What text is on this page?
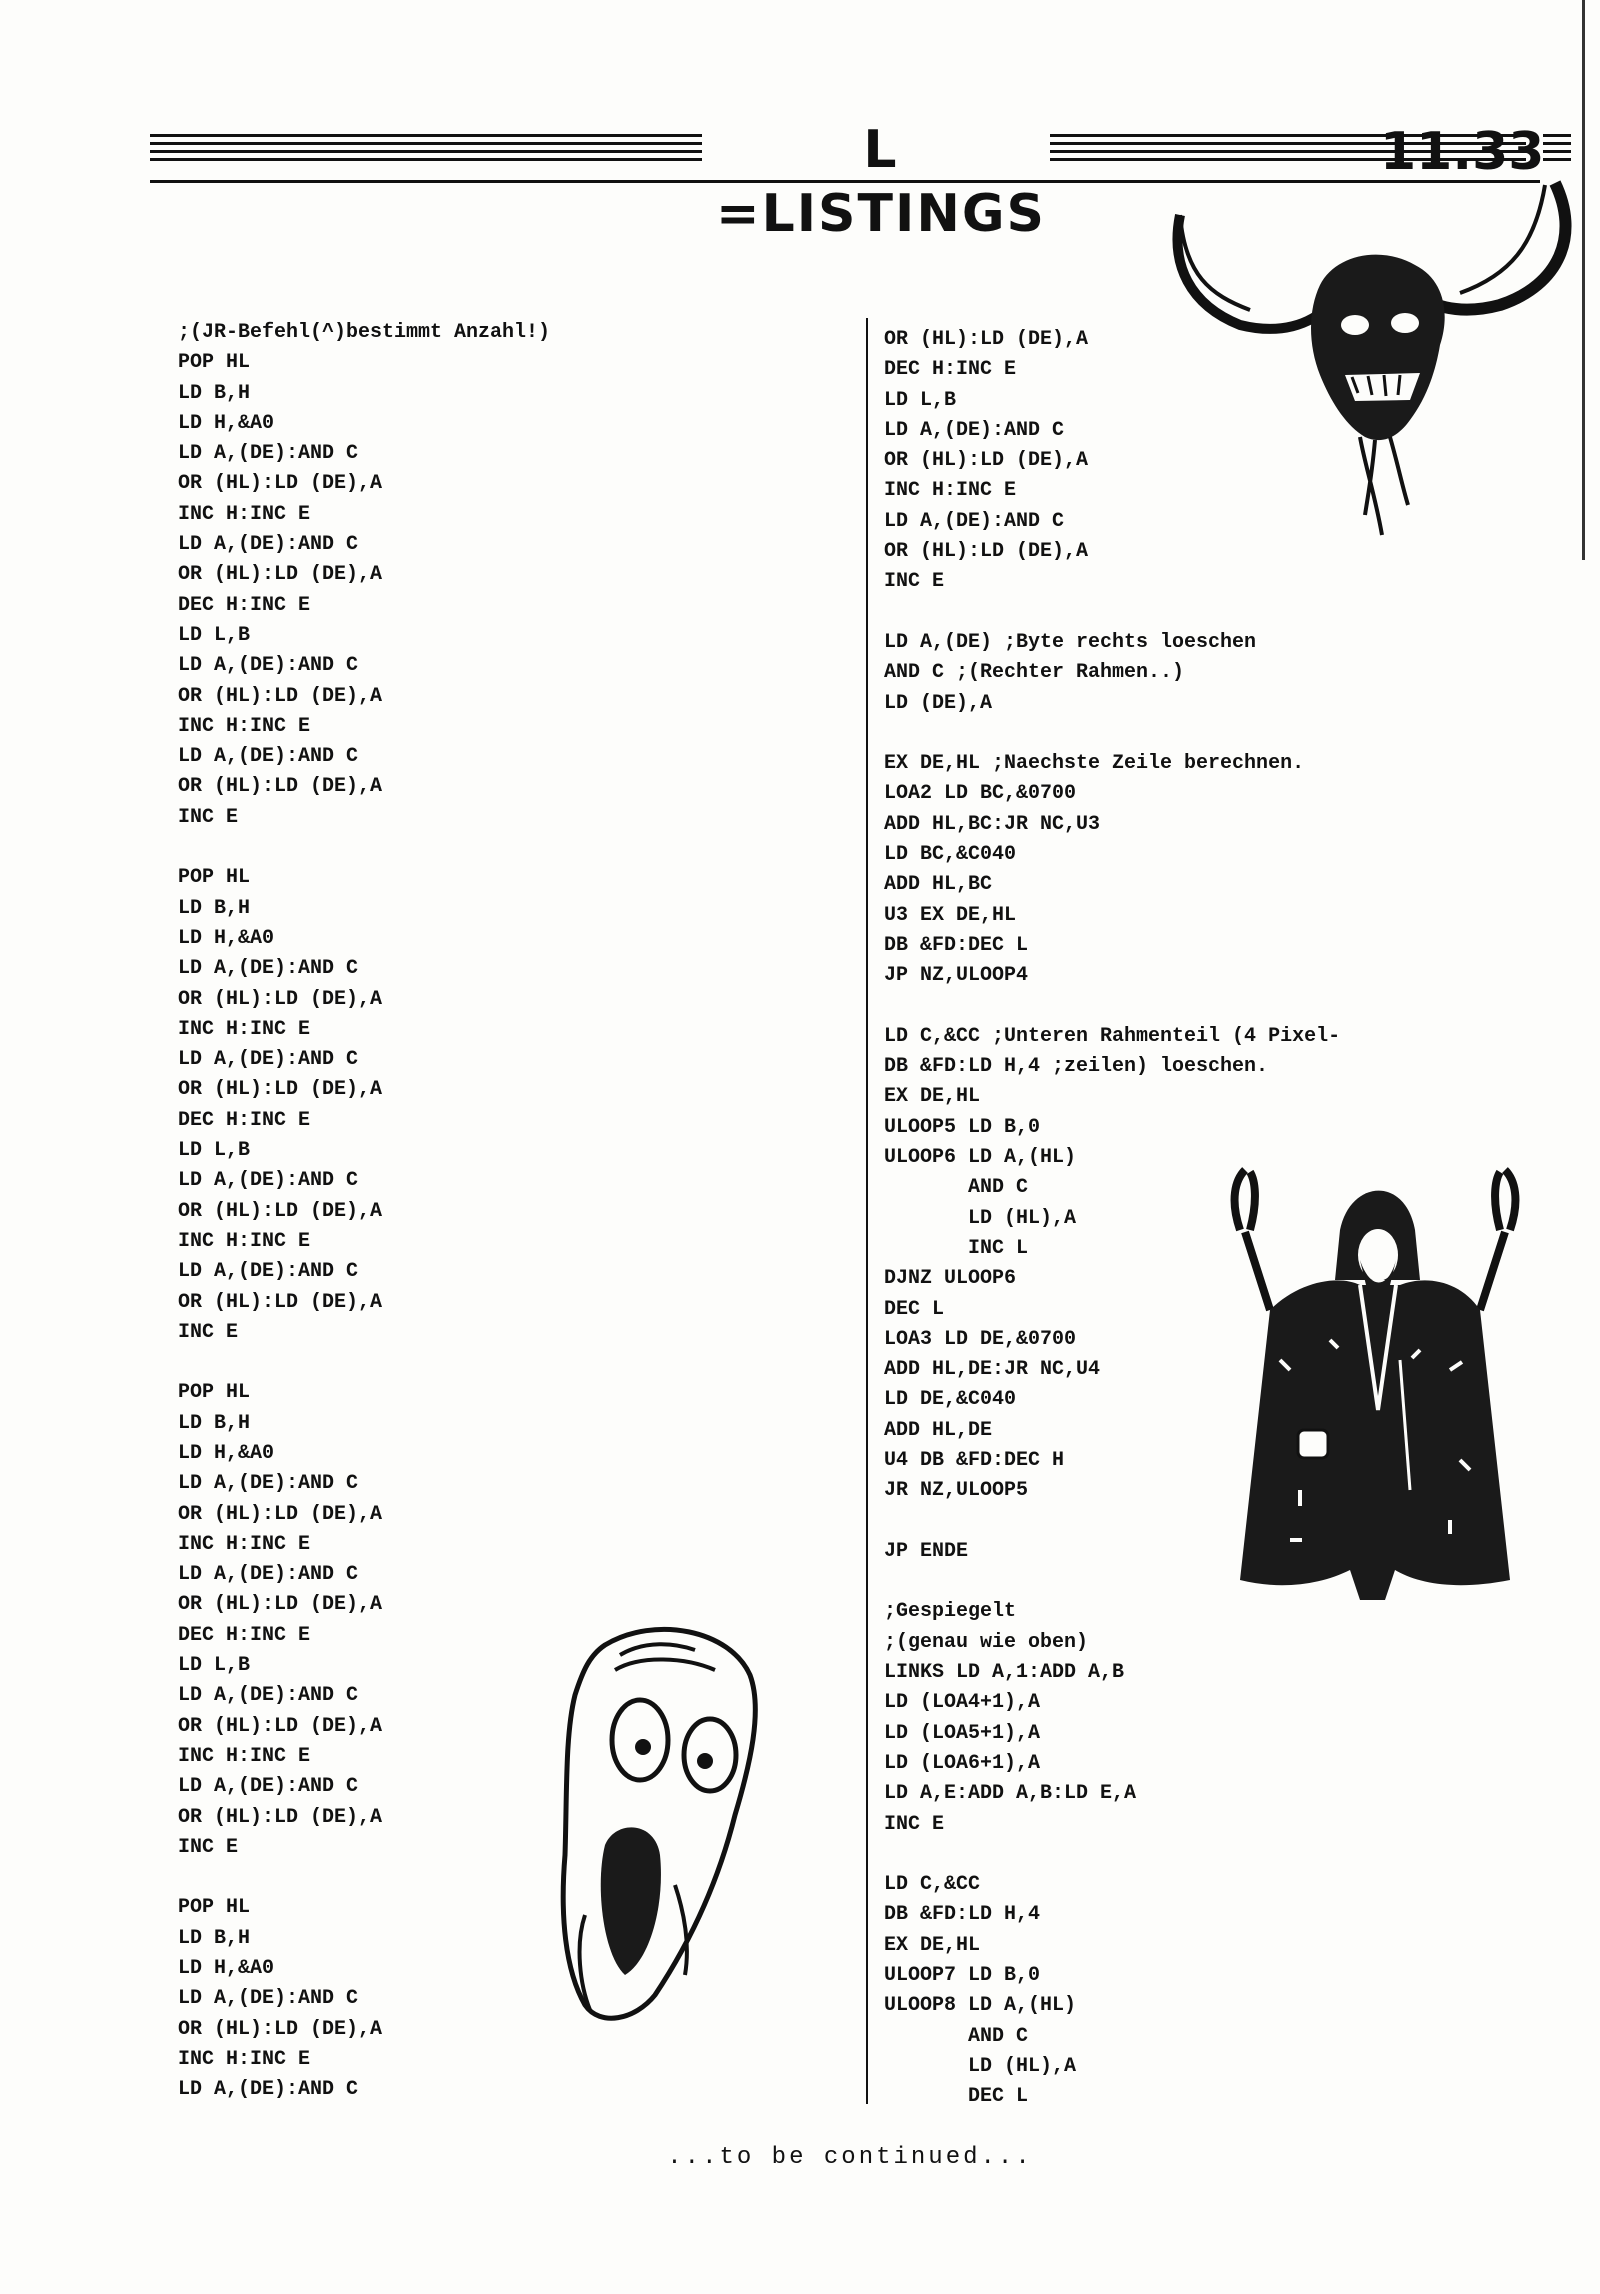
L =LISTINGS
11.33
;(JR-Befehl(^)bestimmt Anzahl!)
POP HL
LD B,H
LD H,&A0
LD A,(DE):AND C
OR (HL):LD (DE),A
INC H:INC E
LD A,(DE):AND C
OR (HL):LD (DE),A
DEC H:INC E
LD L,B
LD A,(DE):AND C
OR (HL):LD (DE),A
INC H:INC E
LD A,(DE):AND C
OR (HL):LD (DE),A
INC E
POP HL
LD B,H
LD H,&A0
LD A,(DE):AND C
OR (HL):LD (DE),A
INC H:INC E
LD A,(DE):AND C
OR (HL):LD (DE),A
DEC H:INC E
LD L,B
LD A,(DE):AND C
OR (HL):LD (DE),A
INC H:INC E
LD A,(DE):AND C
OR (HL):LD (DE),A
INC E
POP HL
LD B,H
LD H,&A0
LD A,(DE):AND C
OR (HL):LD (DE),A
INC H:INC E
LD A,(DE):AND C
OR (HL):LD (DE),A
DEC H:INC E
LD L,B
LD A,(DE):AND C
OR (HL):LD (DE),A
INC H:INC E
LD A,(DE):AND C
OR (HL):LD (DE),A
INC E
POP HL
LD B,H
LD H,&A0
LD A,(DE):AND C
OR (HL):LD (DE),A
INC H:INC E
LD A,(DE):AND C
OR (HL):LD (DE),A
DEC H:INC E
LD L,B
LD A,(DE):AND C
OR (HL):LD (DE),A
INC H:INC E
LD A,(DE):AND C
OR (HL):LD (DE),A
INC E
LD A,(DE) ;Byte rechts loeschen
AND C ;(Rechter Rahmen..)
LD (DE),A
EX DE,HL ;Naechste Zeile berechnen.
LOA2 LD BC,&0700
ADD HL,BC:JR NC,U3
LD BC,&C040
ADD HL,BC
U3 EX DE,HL
DB &FD:DEC L
JP NZ,ULOOP4
LD C,&CC ;Unteren Rahmenteil (4 Pixel-
DB &FD:LD H,4 ;zeilen) loeschen.
EX DE,HL
ULOOP5 LD B,0
ULOOP6 LD A,(HL)
AND C
LD (HL),A
INC L
DJNZ ULOOP6
DEC L
LOA3 LD DE,&0700
ADD HL,DE:JR NC,U4
LD DE,&C040
ADD HL,DE
U4 DB &FD:DEC H
JR NZ,ULOOP5
JP ENDE
;Gespiegelt
;(genau wie oben)
LINKS LD A,1:ADD A,B
LD (LOA4+1),A
LD (LOA5+1),A
LD (LOA6+1),A
LD A,E:ADD A,B:LD E,A
INC E
LD C,&CC
DB &FD:LD H,4
EX DE,HL
ULOOP7 LD B,0
ULOOP8 LD A,(HL)
AND C
LD (HL),A
DEC L
...to be continued...
